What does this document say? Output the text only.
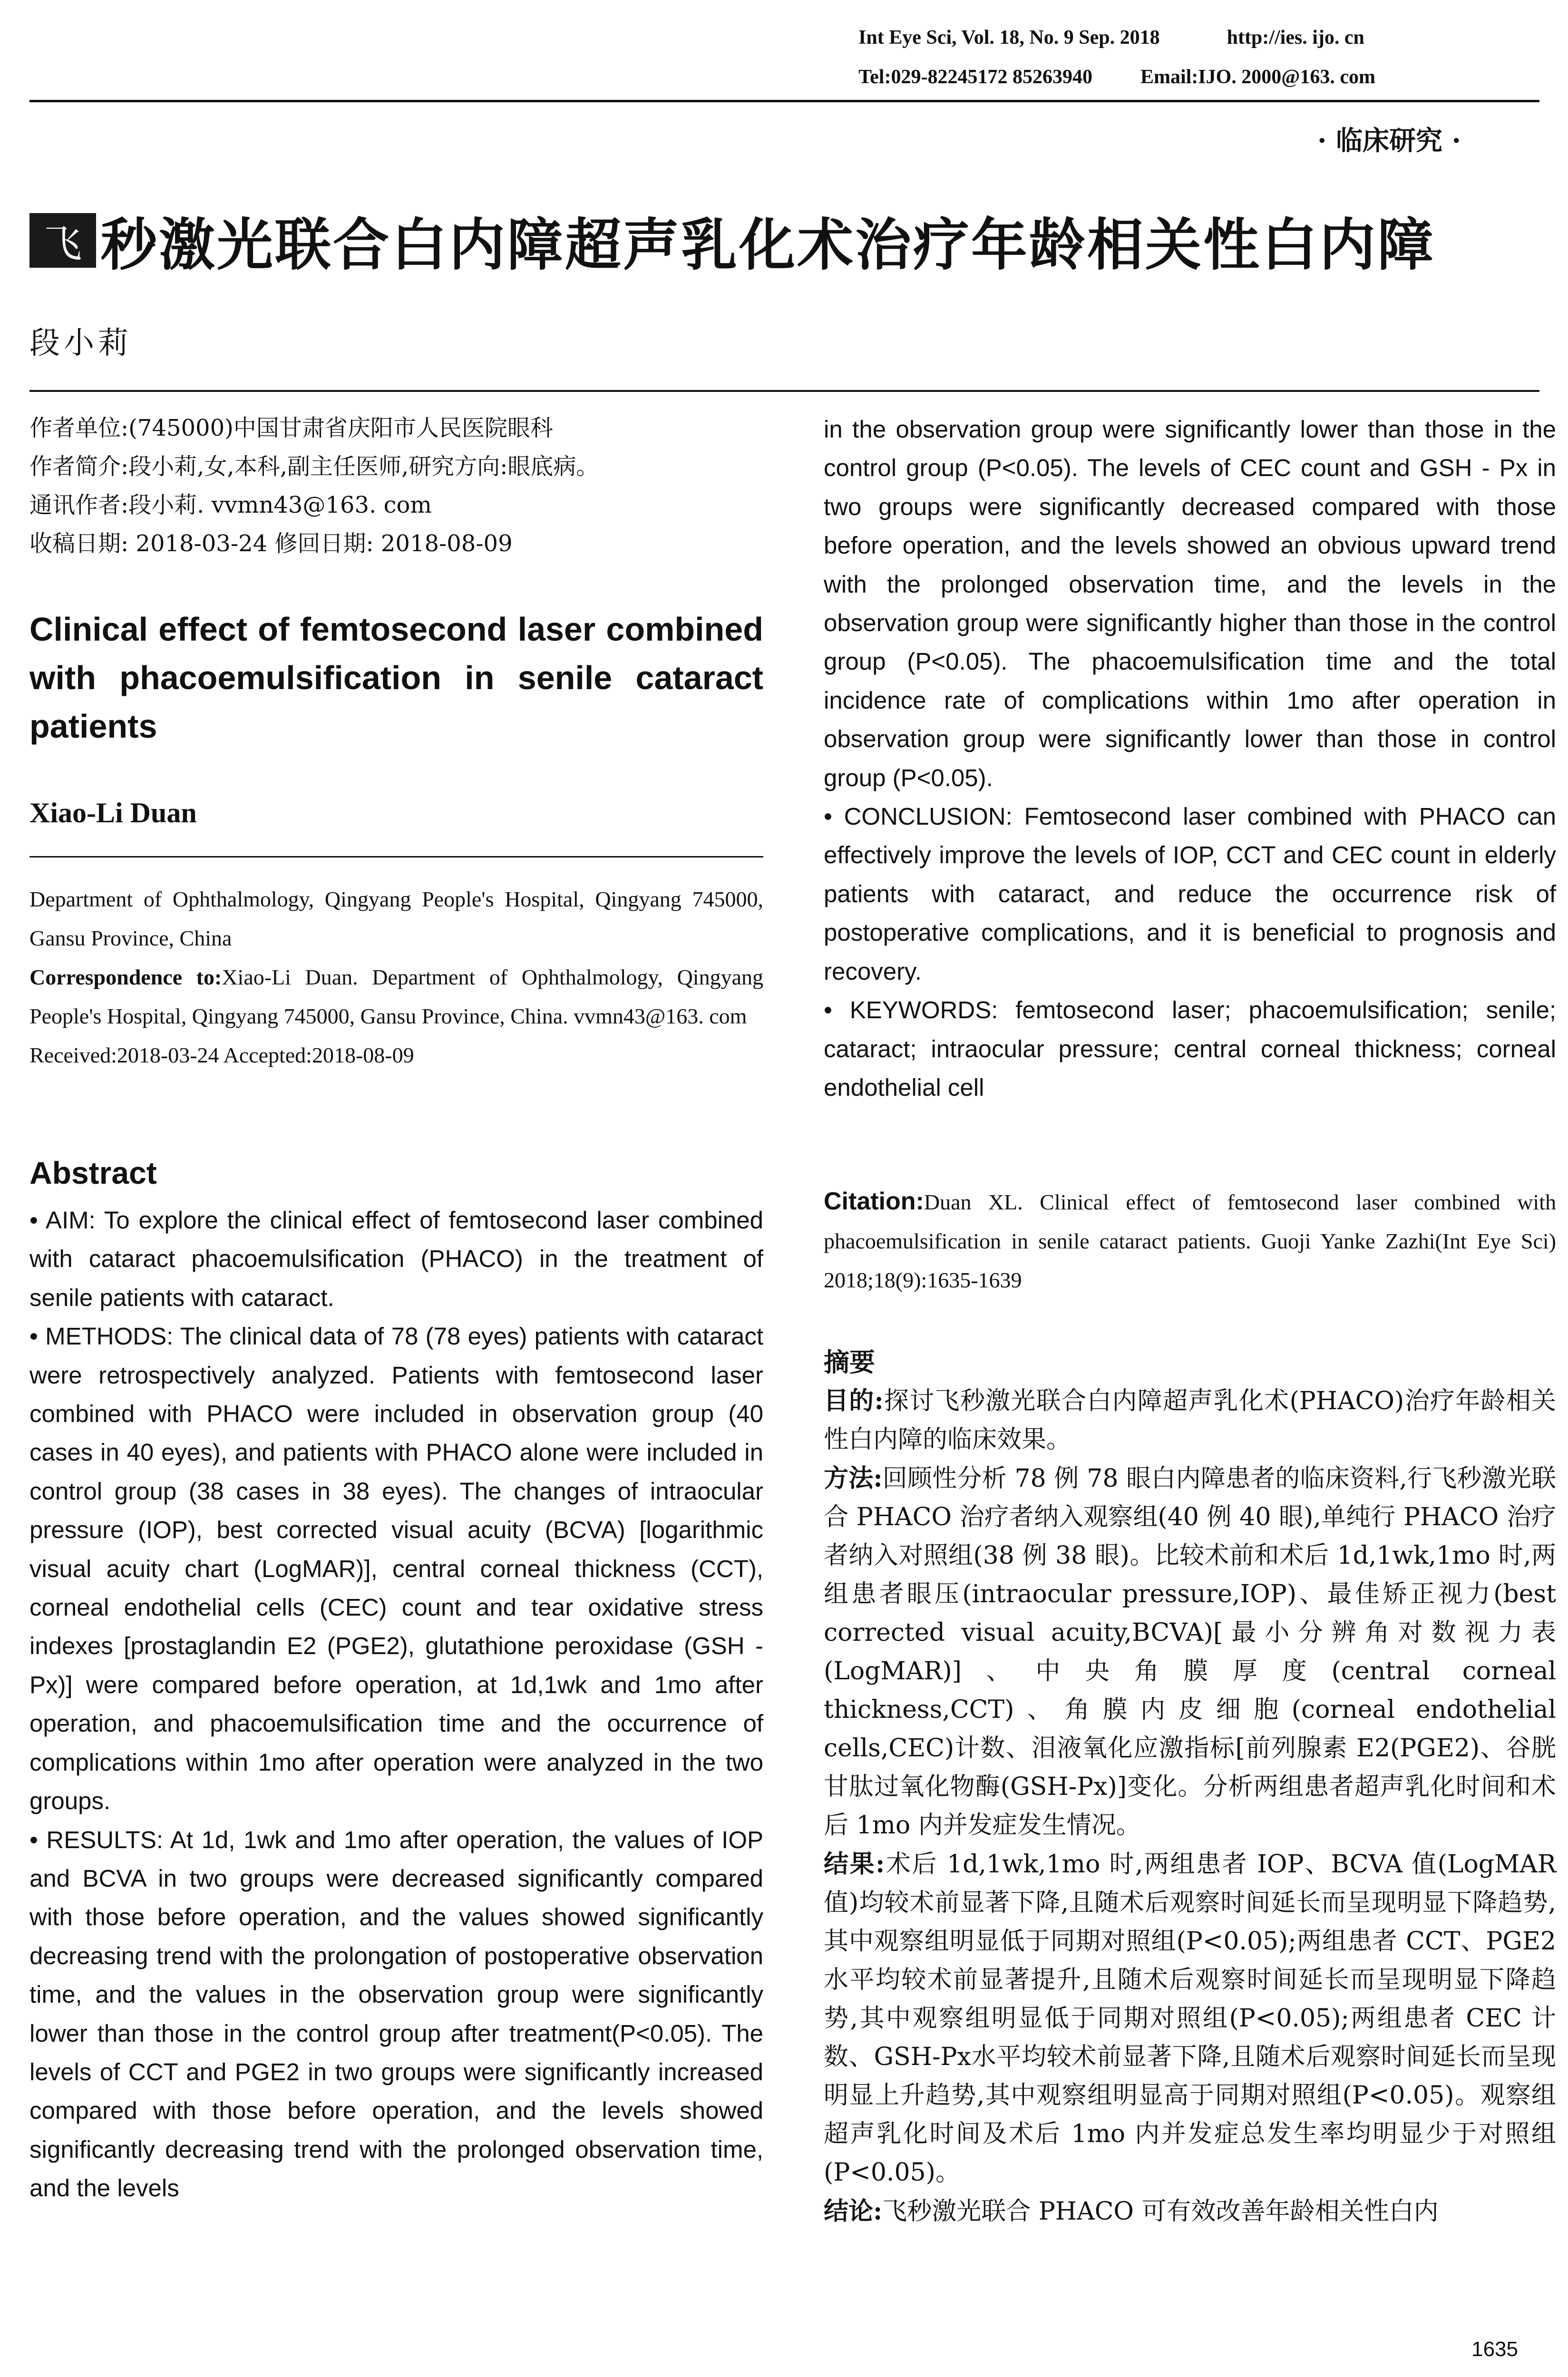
Int Eye Sci, Vol. 18, No. 9 Sep. 2018	http://ies. ijo. cn
Tel:029-82245172 85263940 Email:IJO. 2000@163. com
· 临床研究 ·
飞 秒激光联合白内障超声乳化术治疗年龄相关性白内障
段小莉
作者单位:(745000)中国甘肃省庆阳市人民医院眼科
作者简介:段小莉,女,本科,副主任医师,研究方向:眼底病。
通讯作者:段小莉. vvmn43@163. com
收稿日期: 2018-03-24 修回日期: 2018-08-09
Clinical effect of femtosecond laser combined with phacoemulsification in senile cataract patients
Xiao-Li Duan
Department of Ophthalmology, Qingyang People's Hospital, Qingyang 745000, Gansu Province, China
Correspondence to:Xiao-Li Duan. Department of Ophthalmology, Qingyang People's Hospital, Qingyang 745000, Gansu Province, China. vvmn43@163. com
Received:2018-03-24 Accepted:2018-08-09
Abstract

• AIM: To explore the clinical effect of femtosecond laser combined with cataract phacoemulsification (PHACO) in the treatment of senile patients with cataract.

• METHODS: The clinical data of 78 (78 eyes) patients with cataract were retrospectively analyzed. Patients with femtosecond laser combined with PHACO were included in observation group (40 cases in 40 eyes), and patients with PHACO alone were included in control group (38 cases in 38 eyes). The changes of intraocular pressure (IOP), best corrected visual acuity (BCVA) [logarithmic visual acuity chart (LogMAR)], central corneal thickness (CCT), corneal endothelial cells (CEC) count and tear oxidative stress indexes [prostaglandin E2 (PGE2), glutathione peroxidase (GSH - Px)] were compared before operation, at 1d,1wk and 1mo after operation, and phacoemulsification time and the occurrence of complications within 1mo after operation were analyzed in the two groups.

• RESULTS: At 1d, 1wk and 1mo after operation, the values of IOP and BCVA in two groups were decreased significantly compared with those before operation, and the values showed significantly decreasing trend with the prolongation of postoperative observation time, and the values in the observation group were significantly lower than those in the control group after treatment(P<0.05). The levels of CCT and PGE2 in two groups were significantly increased compared with those before operation, and the levels showed significantly decreasing trend with the prolonged observation time, and the levels

in the observation group were significantly lower than those in the control group (P<0.05). The levels of CEC count and GSH - Px in two groups were significantly decreased compared with those before operation, and the levels showed an obvious upward trend with the prolonged observation time, and the levels in the observation group were significantly higher than those in the control group (P<0.05). The phacoemulsification time and the total incidence rate of complications within 1mo after operation in observation group were significantly lower than those in control group (P<0.05).

• CONCLUSION: Femtosecond laser combined with PHACO can effectively improve the levels of IOP, CCT and CEC count in elderly patients with cataract, and reduce the occurrence risk of postoperative complications, and it is beneficial to prognosis and recovery.

• KEYWORDS: femtosecond laser; phacoemulsification; senile; cataract; intraocular pressure; central corneal thickness; corneal endothelial cell

Citation:Duan XL. Clinical effect of femtosecond laser combined with phacoemulsification in senile cataract patients. Guoji Yanke Zazhi(Int Eye Sci) 2018;18(9):1635-1639
摘要

目的:探讨飞秒激光联合白内障超声乳化术(PHACO)治疗年龄相关性白内障的临床效果。

方法:回顾性分析 78 例 78 眼白内障患者的临床资料,行飞秒激光联合 PHACO 治疗者纳入观察组(40 例 40 眼),单纯行 PHACO 治疗者纳入对照组(38 例 38 眼)。比较术前和术后 1d,1wk,1mo 时,两组患者眼压(intraocular pressure,IOP)、最佳矫正视力(best corrected visual acuity,BCVA)[最小分辨角对数视力表(LogMAR)]、中央角膜厚度(central corneal thickness,CCT)、角膜内皮细胞(corneal endothelial cells,CEC)计数、泪液氧化应激指标[前列腺素 E2(PGE2)、谷胱甘肽过氧化物酶(GSH-Px)]变化。分析两组患者超声乳化时间和术后 1mo 内并发症发生情况。

结果:术后 1d,1wk,1mo 时,两组患者 IOP、BCVA 值(LogMAR 值)均较术前显著下降,且随术后观察时间延长而呈现明显下降趋势,其中观察组明显低于同期对照组(P<0.05);两组患者 CCT、PGE2水平均较术前显著提升,且随术后观察时间延长而呈现明显下降趋势,其中观察组明显低于同期对照组(P<0.05);两组患者 CEC 计数、GSH-Px水平均较术前显著下降,且随术后观察时间延长而呈现明显上升趋势,其中观察组明显高于同期对照组(P<0.05)。观察组超声乳化时间及术后 1mo 内并发症总发生率均明显少于对照组(P<0.05)。

结论:飞秒激光联合 PHACO 可有效改善年龄相关性白内

1635
